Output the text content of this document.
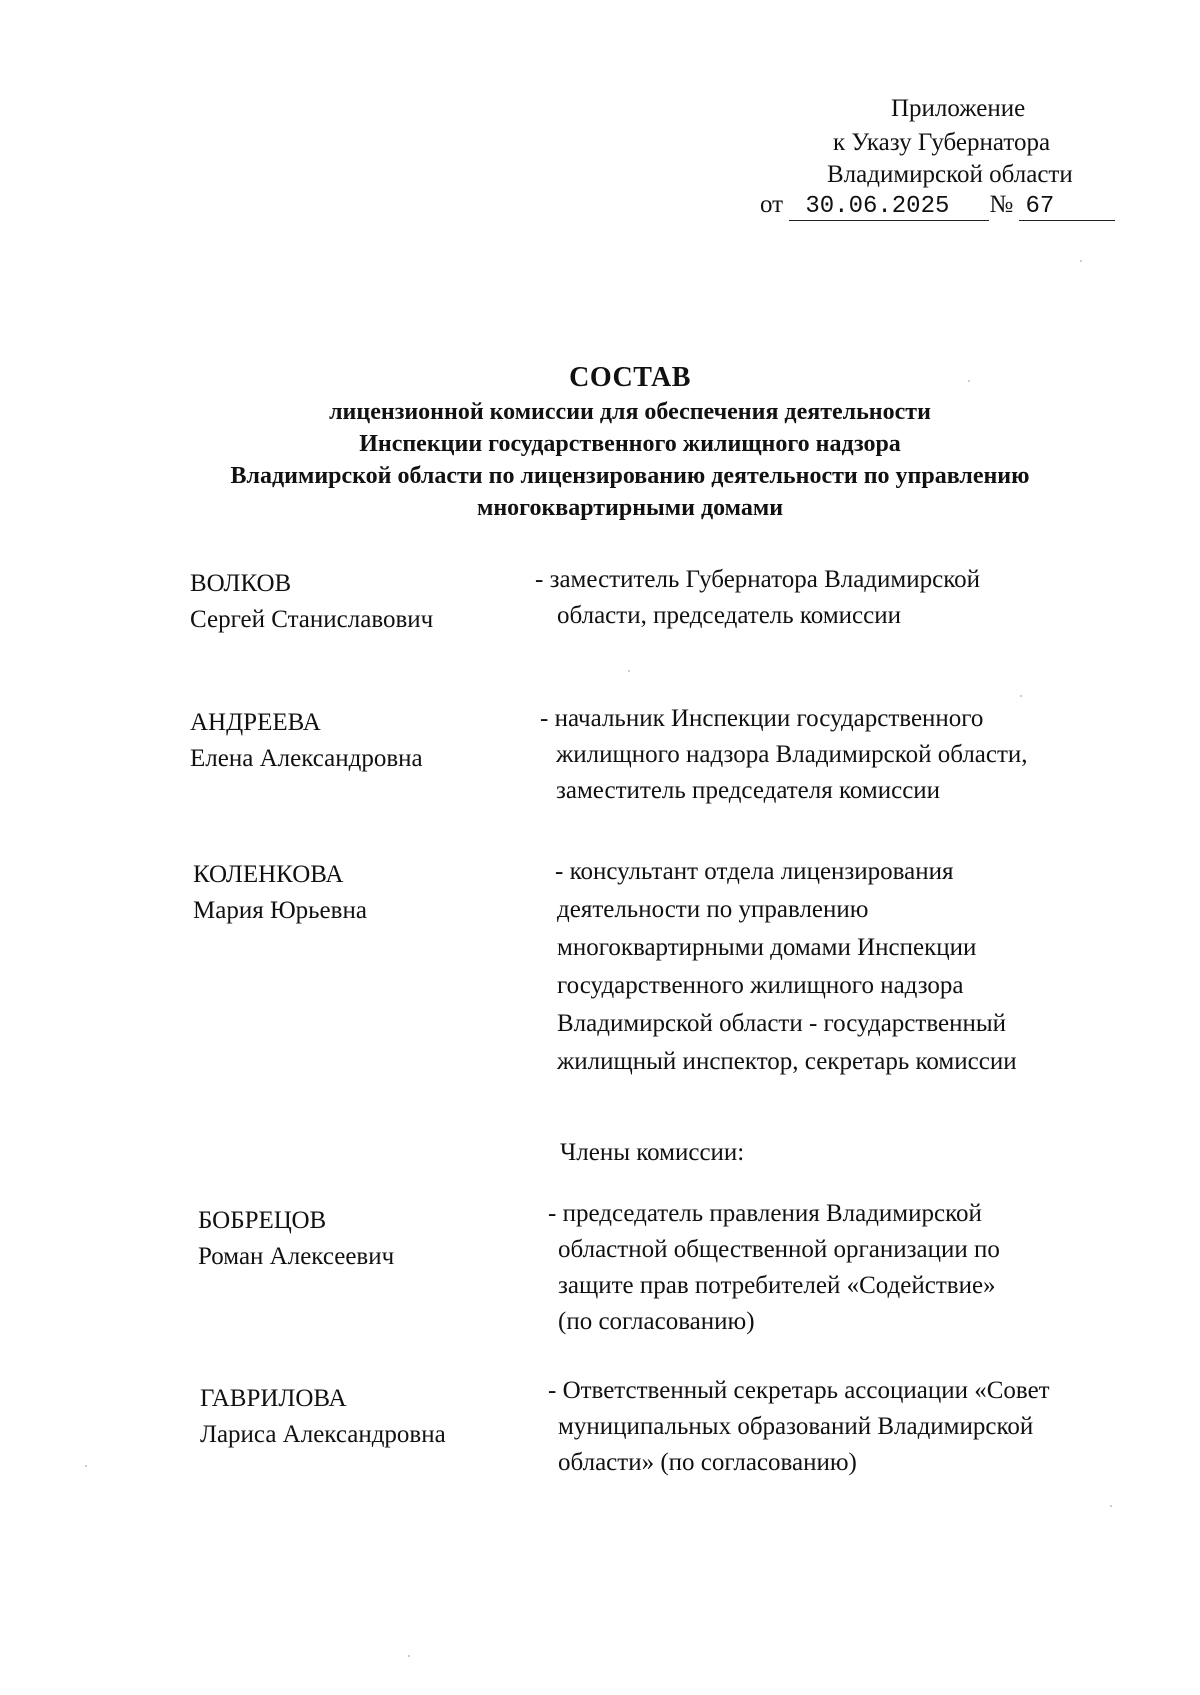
Приложение
к Указу Губернатора
Владимирской области
от 30.06.2025 № 67
СОСТАВ
лицензионной комиссии для обеспечения деятельности
Инспекции государственного жилищного надзора
Владимирской области по лицензированию деятельности по управлению
многоквартирными домами
ВОЛКОВ
Сергей Станиславович
- заместитель Губернатора Владимирской
области, председатель комиссии
АНДРЕЕВА
Елена Александровна
- начальник Инспекции государственного
жилищного надзора Владимирской области,
заместитель председателя комиссии
КОЛЕНКОВА
Мария Юрьевна
- консультант отдела лицензирования
деятельности по управлению
многоквартирными домами Инспекции
государственного жилищного надзора
Владимирской области - государственный
жилищный инспектор, секретарь комиссии
Члены комиссии:
БОБРЕЦОВ
Роман Алексеевич
- председатель правления Владимирской
областной общественной организации по
защите прав потребителей «Содействие»
(по согласованию)
ГАВРИЛОВА
Лариса Александровна
- Ответственный секретарь ассоциации «Совет
муниципальных образований Владимирской
области» (по согласованию)
